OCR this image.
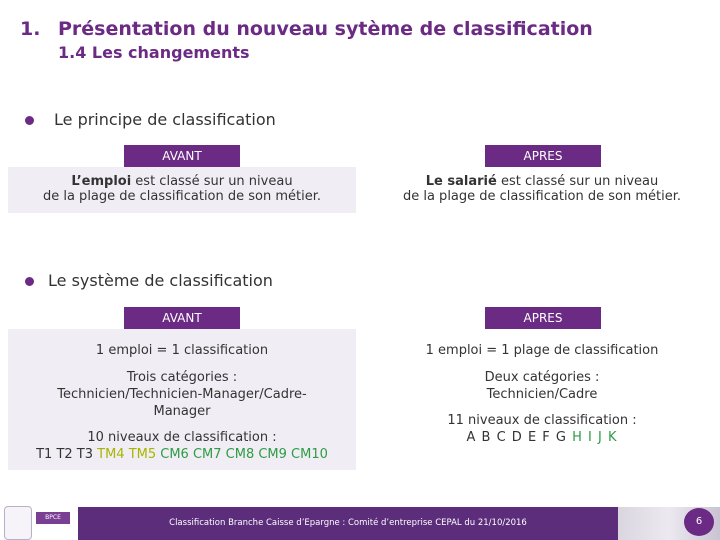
1. Présentation du nouveau sytème de classification
1.4 Les changements
Le principe de classification
AVANT	APRES

L’emploi est classé sur un niveau

de la plage de classification de son métier.

Le salarié est classé sur un niveau

de la plage de classification de son métier.

Le système de classification
AVANT	APRES
1 emploi = 1 classification
Trois catégories :
Technicien/Technicien-Manager/Cadre-
Manager
10 niveaux de classification :
T1 T2 T3 TM4 TM5 CM6 CM7 CM8 CM9 CM10
1 emploi = 1 plage de classification
Deux catégories :
Technicien/Cadre
11 niveaux de classification :
A B C D E F G H I J K
BPCE
Classification Branche Caisse d’Epargne : Comité d’entreprise CEPAL du 21/10/2016	6
